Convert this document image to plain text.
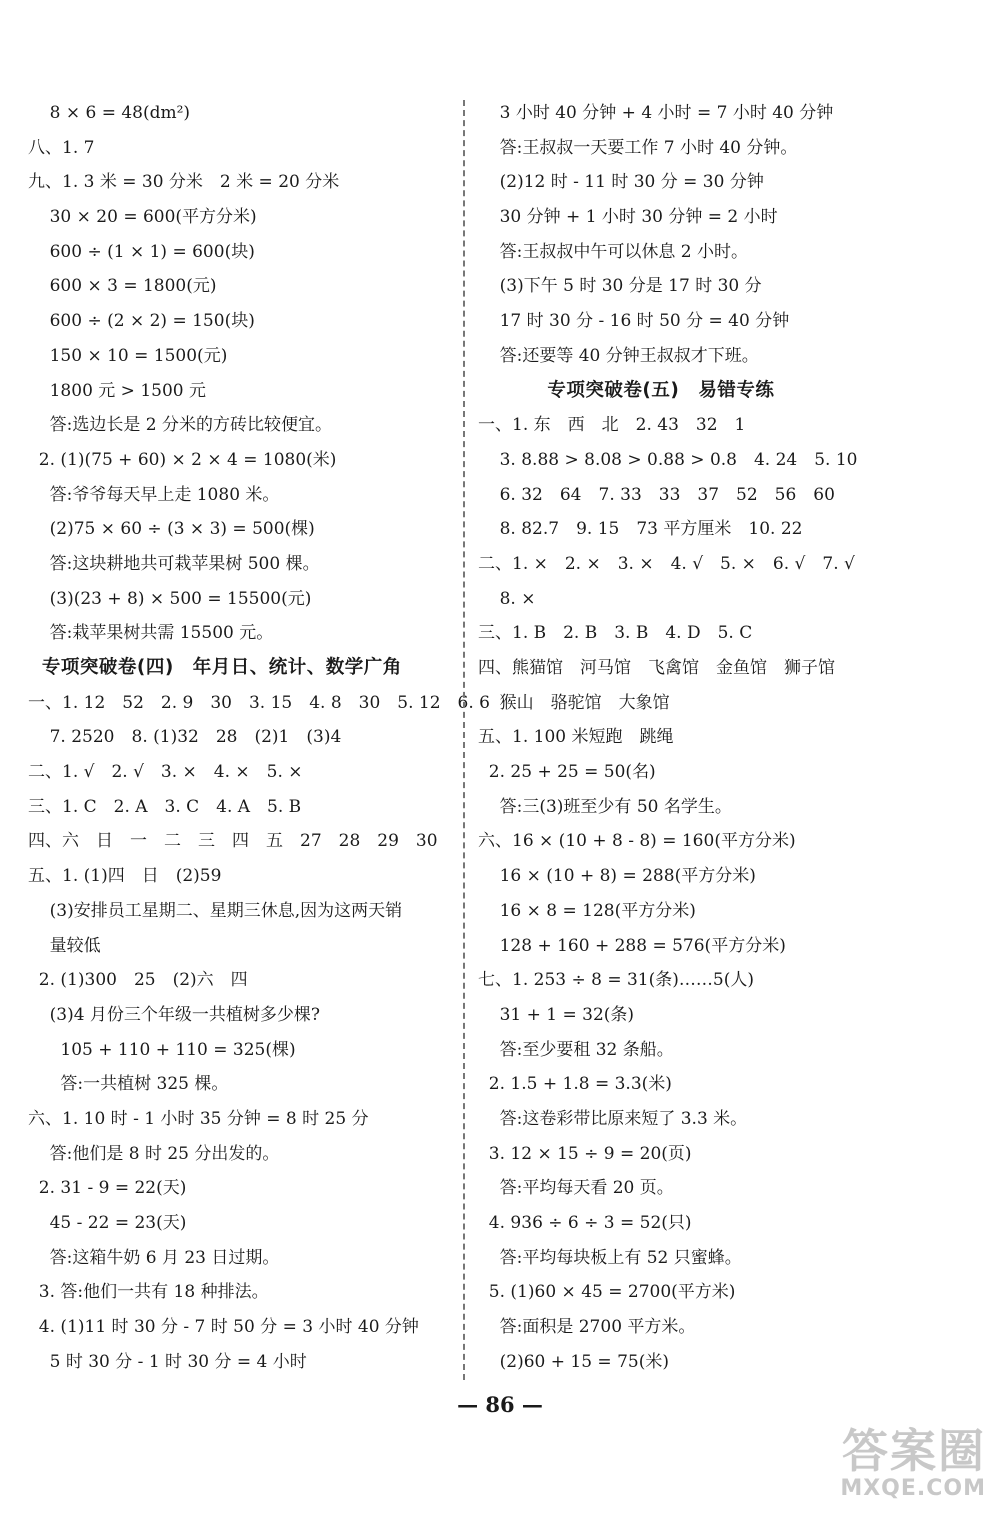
8 × 6 = 48(dm²)
八、1. 7
九、1. 3 米 = 30 分米　2 米 = 20 分米
30 × 20 = 600(平方分米)
600 ÷ (1 × 1) = 600(块)
600 × 3 = 1800(元)
600 ÷ (2 × 2) = 150(块)
150 × 10 = 1500(元)
1800 元 > 1500 元
答:选边长是 2 分米的方砖比较便宜。
2. (1)(75 + 60) × 2 × 4 = 1080(米)
答:爷爷每天早上走 1080 米。
(2)75 × 60 ÷ (3 × 3) = 500(棵)
答:这块耕地共可栽苹果树 500 棵。
(3)(23 + 8) × 500 = 15500(元)
答:栽苹果树共需 15500 元。
专项突破卷(四)　年月日、统计、数学广角
一、1. 12　52　2. 9　30　3. 15　4. 8　30　5. 12　6. 6
7. 2520　8. (1)32　28　(2)1　(3)4
二、1. √　2. √　3. ×　4. ×　5. ×
三、1. C　2. A　3. C　4. A　5. B
四、六　日　一　二　三　四　五　27　28　29　30
五、1. (1)四　日　(2)59
(3)安排员工星期二、星期三休息,因为这两天销
量较低
2. (1)300　25　(2)六　四
(3)4 月份三个年级一共植树多少棵?
105 + 110 + 110 = 325(棵)
答:一共植树 325 棵。
六、1. 10 时 - 1 小时 35 分钟 = 8 时 25 分
答:他们是 8 时 25 分出发的。
2. 31 - 9 = 22(天)
45 - 22 = 23(天)
答:这箱牛奶 6 月 23 日过期。
3. 答:他们一共有 18 种排法。
4. (1)11 时 30 分 - 7 时 50 分 = 3 小时 40 分钟
5 时 30 分 - 1 时 30 分 = 4 小时
3 小时 40 分钟 + 4 小时 = 7 小时 40 分钟
答:王叔叔一天要工作 7 小时 40 分钟。
(2)12 时 - 11 时 30 分 = 30 分钟
30 分钟 + 1 小时 30 分钟 = 2 小时
答:王叔叔中午可以休息 2 小时。
(3)下午 5 时 30 分是 17 时 30 分
17 时 30 分 - 16 时 50 分 = 40 分钟
答:还要等 40 分钟王叔叔才下班。
专项突破卷(五)　易错专练
一、1. 东　西　北　2. 43　32　1
3. 8.88 > 8.08 > 0.88 > 0.8　4. 24　5. 10
6. 32　64　7. 33　33　37　52　56　60
8. 82.7　9. 15　73 平方厘米　10. 22
二、1. ×　2. ×　3. ×　4. √　5. ×　6. √　7. √
8. ×
三、1. B　2. B　3. B　4. D　5. C
四、熊猫馆　河马馆　飞禽馆　金鱼馆　狮子馆
猴山　骆驼馆　大象馆
五、1. 100 米短跑　跳绳
2. 25 + 25 = 50(名)
答:三(3)班至少有 50 名学生。
六、16 × (10 + 8 - 8) = 160(平方分米)
16 × (10 + 8) = 288(平方分米)
16 × 8 = 128(平方分米)
128 + 160 + 288 = 576(平方分米)
七、1. 253 ÷ 8 = 31(条)……5(人)
31 + 1 = 32(条)
答:至少要租 32 条船。
2. 1.5 + 1.8 = 3.3(米)
答:这卷彩带比原来短了 3.3 米。
3. 12 × 15 ÷ 9 = 20(页)
答:平均每天看 20 页。
4. 936 ÷ 6 ÷ 3 = 52(只)
答:平均每块板上有 52 只蜜蜂。
5. (1)60 × 45 = 2700(平方米)
答:面积是 2700 平方米。
(2)60 + 15 = 75(米)
— 86 —
答案圈
MXQE.COM
